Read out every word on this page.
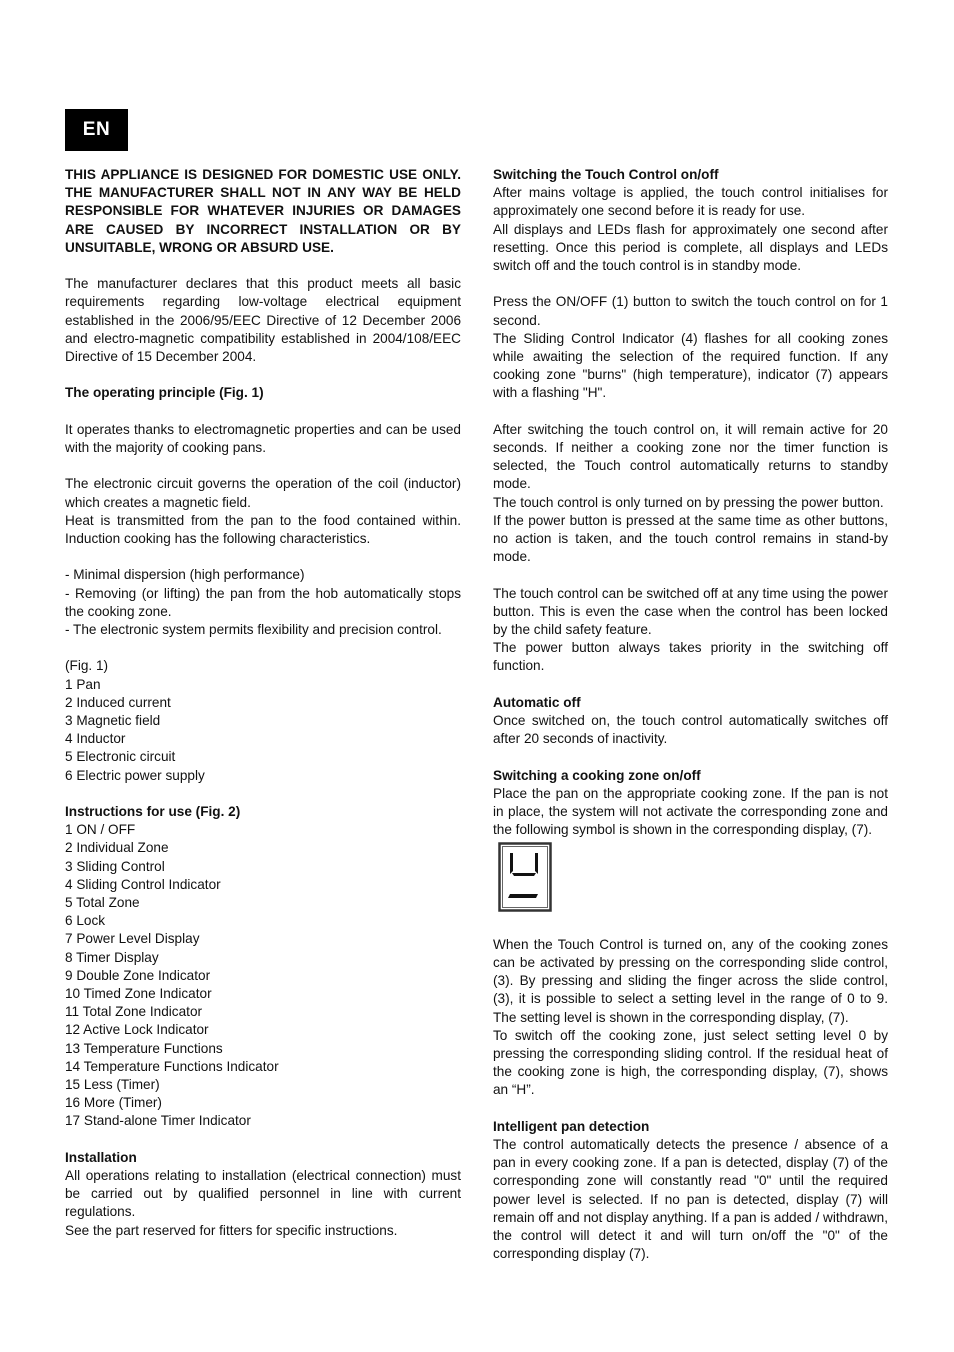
EN

THIS APPLIANCE IS DESIGNED FOR DOMESTIC USE ONLY. THE MANUFACTURER SHALL NOT IN ANY WAY BE HELD RESPONSIBLE FOR WHATEVER INJURIES OR DAMAGES ARE CAUSED BY INCORRECT INSTALLATION OR BY UNSUITABLE, WRONG OR ABSURD USE.

The manufacturer declares that this product meets all basic requirements regarding low-voltage electrical equipment established in the 2006/95/EEC Directive of 12 December 2006 and electro-magnetic compatibility established in 2004/108/EEC Directive of 15 December 2004.

The operating principle (Fig. 1)

It operates thanks to electromagnetic properties and can be used with the majority of cooking pans.

The electronic circuit governs the operation of the coil (inductor) which creates a magnetic field.

Heat is transmitted from the pan to the food contained within. Induction cooking has the following characteristics.

- Minimal dispersion (high performance)

- Removing (or lifting) the pan from the hob automatically stops the cooking zone.

- The electronic system permits flexibility and precision control.

(Fig. 1)

1 Pan

2 Induced current

3 Magnetic field

4 Inductor

5 Electronic circuit

6 Electric power supply

Instructions for use (Fig. 2)

1 ON / OFF

2 Individual Zone

3 Sliding Control

4 Sliding Control Indicator

5 Total Zone

6 Lock

7 Power Level Display

8 Timer Display

9 Double Zone Indicator

10 Timed Zone Indicator

11 Total Zone Indicator

12 Active Lock Indicator

13 Temperature Functions

14 Temperature Functions Indicator

15 Less (Timer)

16 More (Timer)

17 Stand-alone Timer Indicator

Installation

All operations relating to installation (electrical connection) must be carried out by qualified personnel in line with current regulations.

See the part reserved for fitters for specific instructions.

Switching the Touch Control on/off

After mains voltage is applied, the touch control initialises for approximately one second before it is ready for use.

All displays and LEDs flash for approximately one second after resetting. Once this period is complete, all displays and LEDs switch off and the touch control is in standby mode.

Press the ON/OFF (1) button to switch the touch control on for 1 second.

The Sliding Control Indicator (4) flashes for all cooking zones while awaiting the selection of the required function. If any cooking zone "burns" (high temperature), indicator (7) appears with a flashing "H".

After switching the touch control on, it will remain active for 20 seconds. If neither a cooking zone nor the timer function is selected, the Touch control automatically returns to standby mode.

The touch control is only turned on by pressing the power button.

If the power button is pressed at the same time as other buttons, no action is taken, and the touch control remains in stand-by mode.

The touch control can be switched off at any time using the power button. This is even the case when the control has been locked by the child safety feature.

The power button always takes priority in the switching off function.

Automatic off

Once switched on, the touch control automatically switches off after 20 seconds of inactivity.

Switching a cooking zone on/off

Place the pan on the appropriate cooking zone. If the pan is not in place, the system will not activate the corresponding zone and the following symbol is shown in the corresponding display, (7).

When the Touch Control is turned on, any of the cooking zones can be activated by pressing on the corresponding slide control, (3). By pressing and sliding the finger across the slide control, (3), it is possible to select a setting level in the range of 0 to 9. The setting level is shown in the corresponding display, (7).

To switch off the cooking zone, just select setting level 0 by pressing the corresponding sliding control. If the residual heat of the cooking zone is high, the corresponding display, (7), shows an “H”.

Intelligent pan detection

The control automatically detects the presence / absence of a pan in every cooking zone. If a pan is detected, display (7) of the corresponding zone will constantly read "0" until the required power level is selected. If no pan is detected, display (7) will remain off and not display anything. If a pan is added / withdrawn, the control will detect it and will turn on/off the "0" of the corresponding display (7).
